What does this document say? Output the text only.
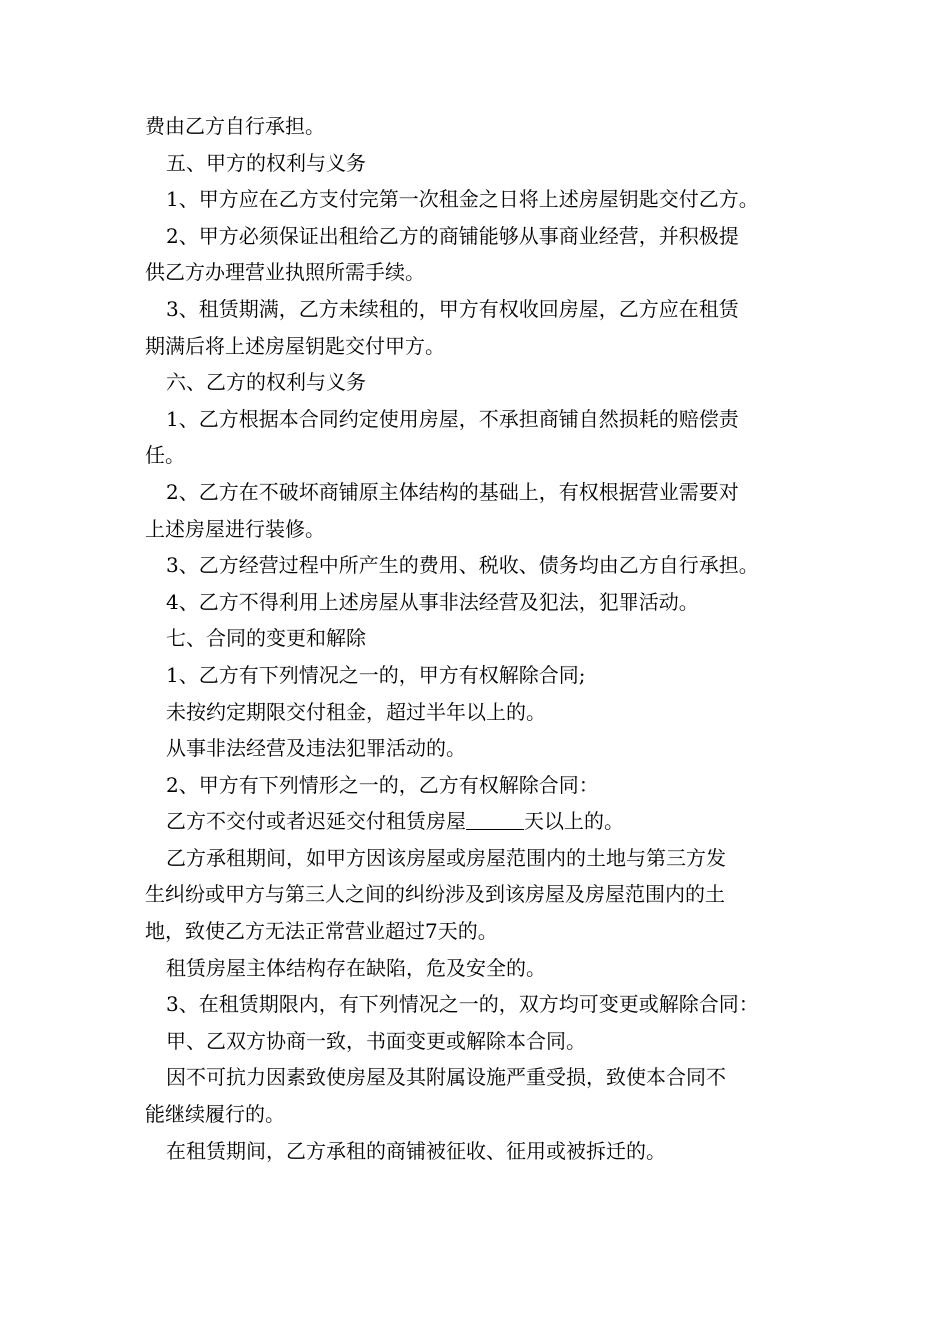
费由乙方自行承担。
五、甲方的权利与义务
1、甲方应在乙方支付完第一次租金之日将上述房屋钥匙交付乙方。
2、甲方必须保证出租给乙方的商铺能够从事商业经营，并积极提
供乙方办理营业执照所需手续。
3、租赁期满，乙方未续租的，甲方有权收回房屋，乙方应在租赁
期满后将上述房屋钥匙交付甲方。
六、乙方的权利与义务
1、乙方根据本合同约定使用房屋，不承担商铺自然损耗的赔偿责
任。
2、乙方在不破坏商铺原主体结构的基础上，有权根据营业需要对
上述房屋进行装修。
3、乙方经营过程中所产生的费用、税收、债务均由乙方自行承担。
4、乙方不得利用上述房屋从事非法经营及犯法，犯罪活动。
七、合同的变更和解除
1、乙方有下列情况之一的，甲方有权解除合同;
未按约定期限交付租金，超过半年以上的。
从事非法经营及违法犯罪活动的。
2、甲方有下列情形之一的，乙方有权解除合同：
乙方不交付或者迟延交付租赁房屋	天以上的。
乙方承租期间，如甲方因该房屋或房屋范围内的土地与第三方发
生纠纷或甲方与第三人之间的纠纷涉及到该房屋及房屋范围内的土
地，致使乙方无法正常营业超过7天的。
租赁房屋主体结构存在缺陷，危及安全的。
3、在租赁期限内，有下列情况之一的，双方均可变更或解除合同：
甲、乙双方协商一致，书面变更或解除本合同。
因不可抗力因素致使房屋及其附属设施严重受损，致使本合同不
能继续履行的。
在租赁期间，乙方承租的商铺被征收、征用或被拆迁的。
